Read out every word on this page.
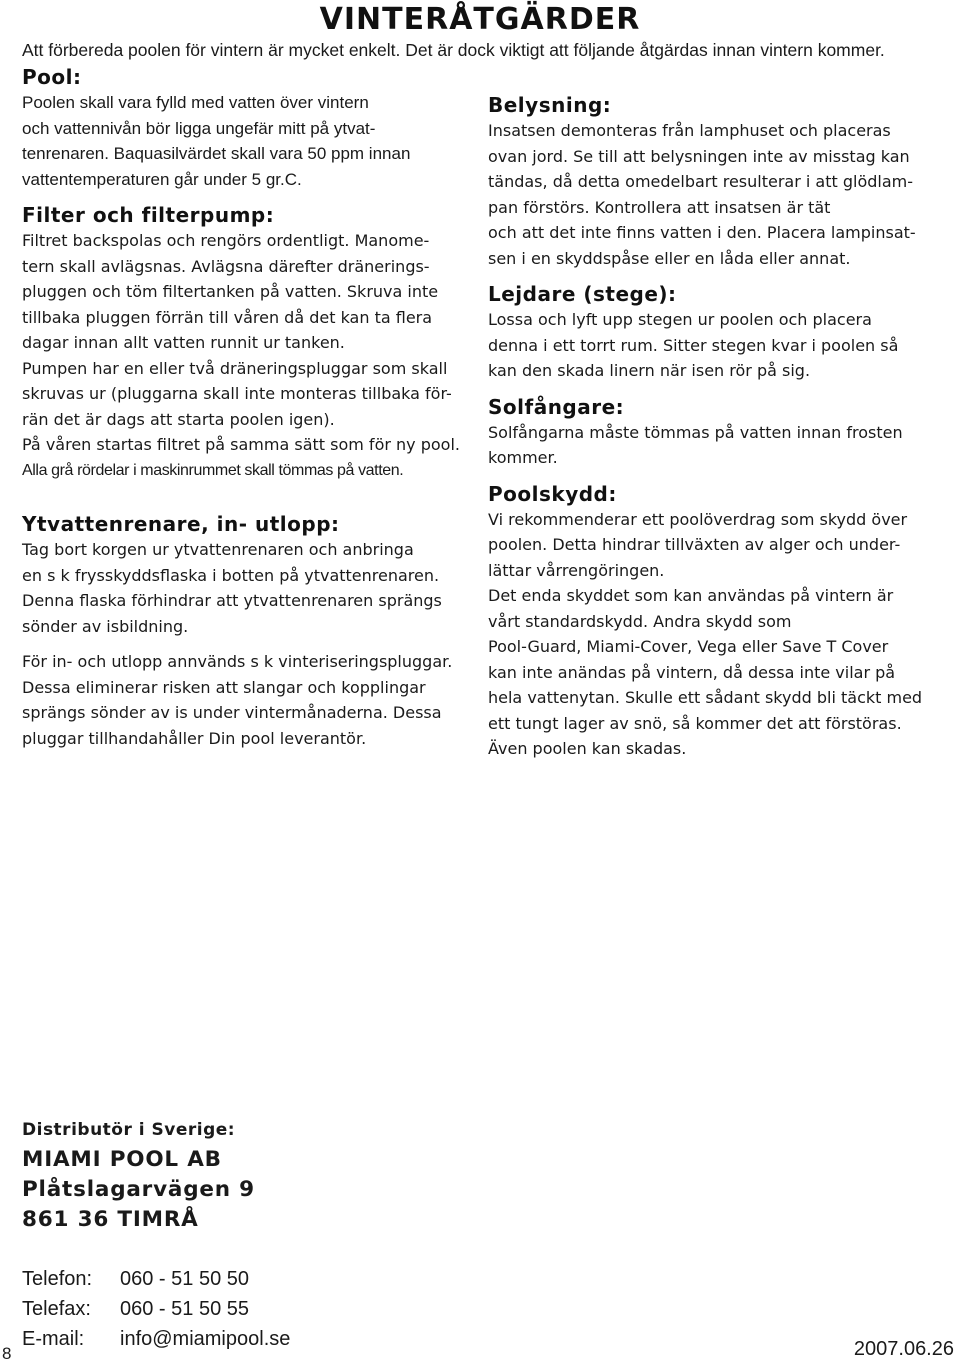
VINTERÅTGÄRDER
Att förbereda poolen för vintern är mycket enkelt. Det är dock viktigt att följande åtgärdas innan vintern kommer.
Pool:

Poolen skall vara fylld med vatten över vintern
och vattennivån bör ligga ungefär mitt på ytvat-
tenrenaren. Baquasilvärdet skall vara 50 ppm innan
vattentemperaturen går under 5 gr.C.

Filter och filterpump:

Filtret backspolas och rengörs ordentligt. Manome-
tern skall avlägsnas. Avlägsna därefter dränerings-
pluggen och töm filtertanken på vatten. Skruva inte
tillbaka pluggen förrän till våren då det kan ta flera
dagar innan allt vatten runnit ur tanken.

Pumpen har en eller två dräneringspluggar som skall
skruvas ur (pluggarna skall inte monteras tillbaka för-
rän det är dags att starta poolen igen).

På våren startas filtret på samma sätt som för ny pool.

Alla grå rördelar i maskinrummet skall tömmas på vatten.

Ytvattenrenare, in- utlopp:

Tag bort korgen ur ytvattenrenaren och anbringa
en s k frysskyddsflaska i botten på ytvattenrenaren.
Denna flaska förhindrar att ytvattenrenaren sprängs
sönder av isbildning.

För in- och utlopp annvänds s k vinteriseringspluggar.
Dessa eliminerar risken att slangar och kopplingar
sprängs sönder av is under vintermånaderna. Dessa
pluggar tillhandahåller Din pool leverantör.

Belysning:

Insatsen demonteras från lamphuset och placeras
ovan jord. Se till att belysningen inte av misstag kan
tändas, då detta omedelbart resulterar i att glödlam-
pan förstörs. Kontrollera att insatsen är tät
och att det inte finns vatten i den. Placera lampinsat-
sen i en skyddspåse eller en låda eller annat.

Lejdare (stege):

Lossa och lyft upp stegen ur poolen och placera
denna i ett torrt rum. Sitter stegen kvar i poolen så
kan den skada linern när isen rör på sig.

Solfångare:

Solfångarna måste tömmas på vatten innan frosten
kommer.

Poolskydd:

Vi rekommenderar ett poolöverdrag som skydd över
poolen. Detta hindrar tillväxten av alger och under-
lättar vårrengöringen.
Det enda skyddet som kan användas på vintern är
vårt standardskydd. Andra skydd som
Pool-Guard, Miami-Cover, Vega eller Save T Cover
kan inte anändas på vintern, då dessa inte vilar på
hela vattenytan. Skulle ett sådant skydd bli täckt med
ett tungt lager av snö, så kommer det att förstöras.
Även poolen kan skadas.

Distributör i Sverige:
MIAMI POOL AB
Plåtslagarvägen 9
861 36 TIMRÅ
Telefon:	060 - 51 50 50
Telefax:	060 - 51 50 55
E-mail:	info@miamipool.se
8	2007.06.26
